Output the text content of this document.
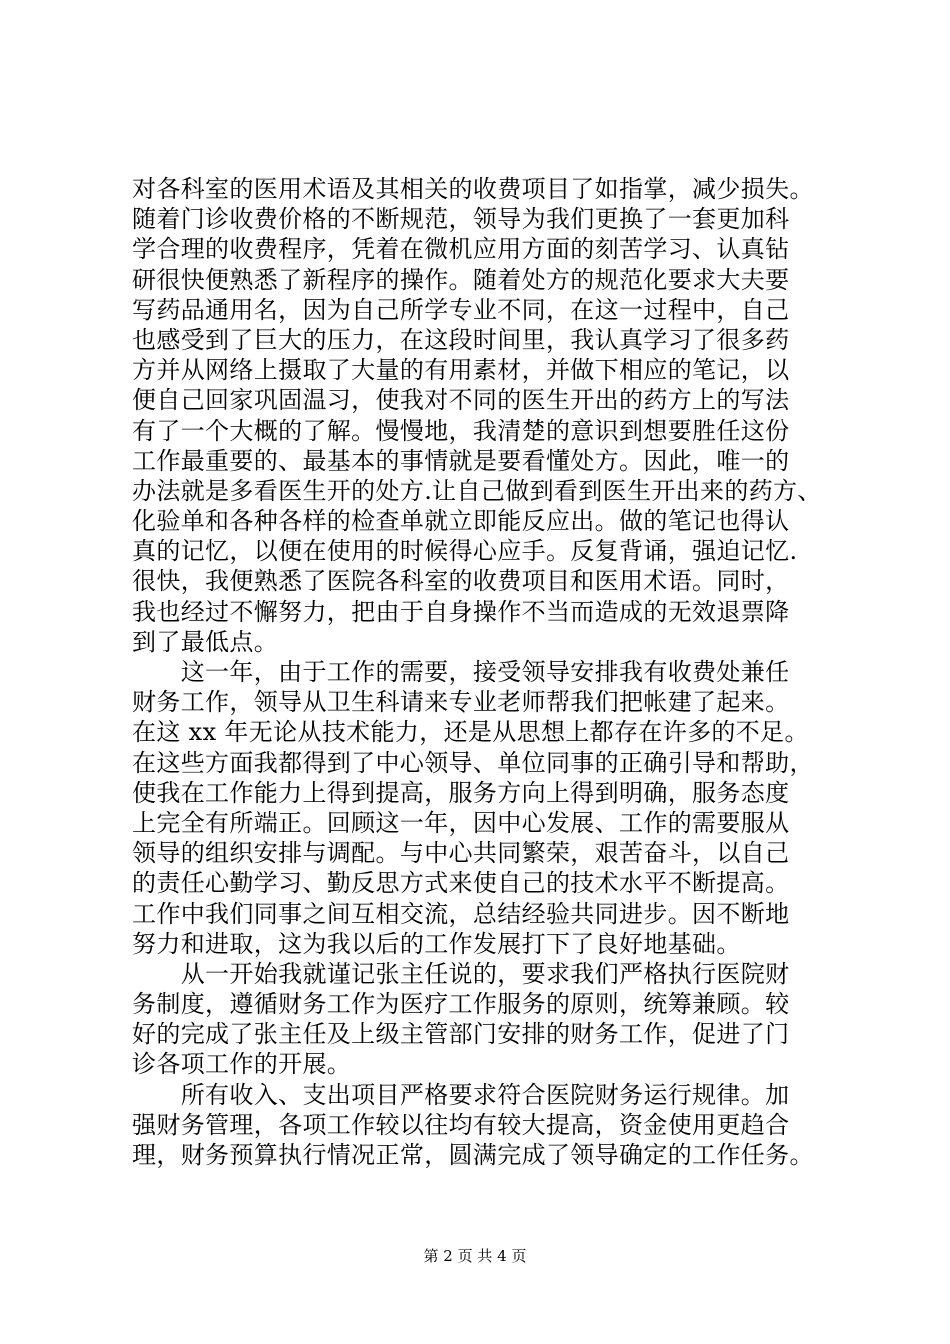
对各科室的医用术语及其相关的收费项目了如指掌，减少损失。
随着门诊收费价格的不断规范，领导为我们更换了一套更加科
学合理的收费程序，凭着在微机应用方面的刻苦学习、认真钻
研很快便熟悉了新程序的操作。随着处方的规范化要求大夫要
写药品通用名，因为自己所学专业不同，在这一过程中，自己
也感受到了巨大的压力，在这段时间里，我认真学习了很多药
方并从网络上摄取了大量的有用素材，并做下相应的笔记，以
便自己回家巩固温习，使我对不同的医生开出的药方上的写法
有了一个大概的了解。慢慢地，我清楚的意识到想要胜任这份
工作最重要的、最基本的事情就是要看懂处方。因此，唯一的
办法就是多看医生开的处方.让自己做到看到医生开出来的药方、
化验单和各种各样的检查单就立即能反应出。做的笔记也得认
真的记忆，以便在使用的时候得心应手。反复背诵，强迫记忆.
很快，我便熟悉了医院各科室的收费项目和医用术语。同时，
我也经过不懈努力，把由于自身操作不当而造成的无效退票降
到了最低点。
　　这一年，由于工作的需要，接受领导安排我有收费处兼任
财务工作，领导从卫生科请来专业老师帮我们把帐建了起来。
在这 xx 年无论从技术能力，还是从思想上都存在许多的不足。
在这些方面我都得到了中心领导、单位同事的正确引导和帮助，
使我在工作能力上得到提高，服务方向上得到明确，服务态度
上完全有所端正。回顾这一年，因中心发展、工作的需要服从
领导的组织安排与调配。与中心共同繁荣，艰苦奋斗，以自己
的责任心勤学习、勤反思方式来使自己的技术水平不断提高。
工作中我们同事之间互相交流，总结经验共同进步。因不断地
努力和进取，这为我以后的工作发展打下了良好地基础。
　　从一开始我就谨记张主任说的，要求我们严格执行医院财
务制度，遵循财务工作为医疗工作服务的原则，统筹兼顾。较
好的完成了张主任及上级主管部门安排的财务工作，促进了门
诊各项工作的开展。
　　所有收入、支出项目严格要求符合医院财务运行规律。加
强财务管理，各项工作较以往均有较大提高，资金使用更趋合
理，财务预算执行情况正常，圆满完成了领导确定的工作任务。
第 2 页 共 4 页
